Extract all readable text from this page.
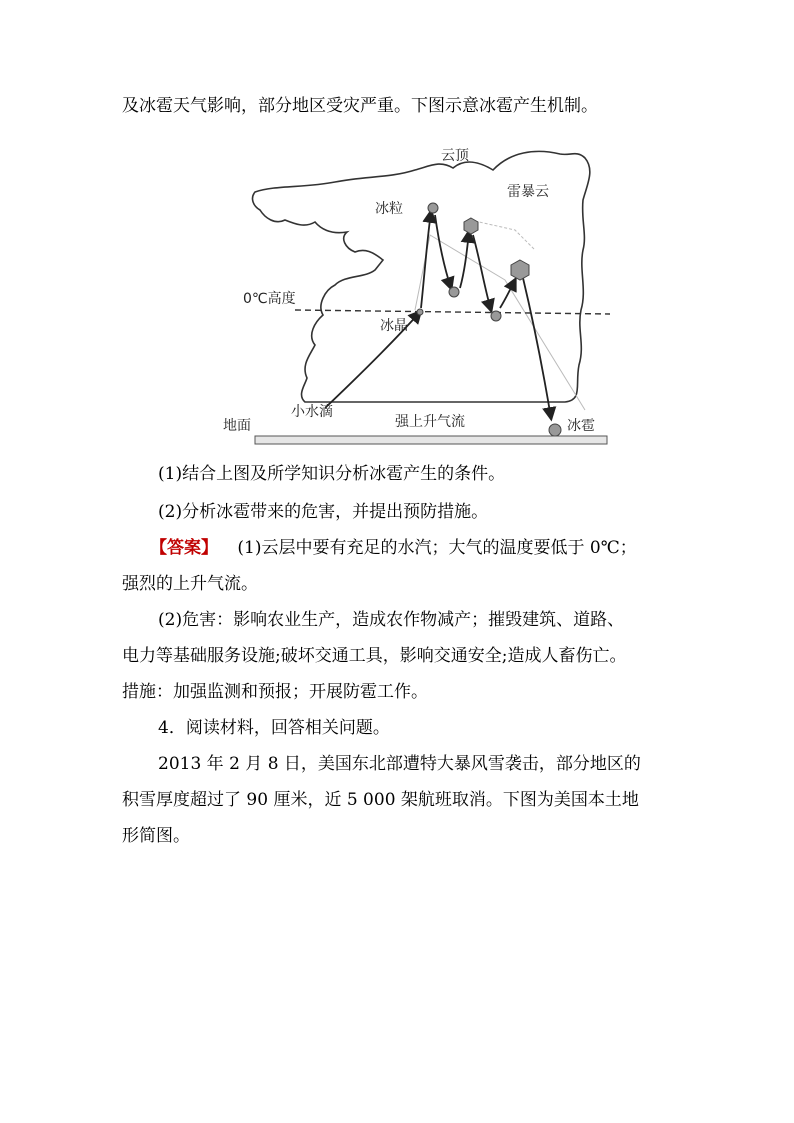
及冰雹天气影响，部分地区受灾严重。下图示意冰雹产生机制。
云顶
雷暴云
冰粒
0℃高度
冰晶
小水滴
强上升气流
地面	冰雹
(1)结合上图及所学知识分析冰雹产生的条件。
(2)分析冰雹带来的危害，并提出预防措施。
【答案】 (1)云层中要有充足的水汽；大气的温度要低于 0℃；
强烈的上升气流。
(2)危害：影响农业生产，造成农作物减产；摧毁建筑、道路、
电力等基础服务设施;破坏交通工具，影响交通安全;造成人畜伤亡。
措施：加强监测和预报；开展防雹工作。
4．阅读材料，回答相关问题。
2013 年 2 月 8 日，美国东北部遭特大暴风雪袭击，部分地区的
积雪厚度超过了 90 厘米，近 5 000 架航班取消。下图为美国本土地
形简图。
